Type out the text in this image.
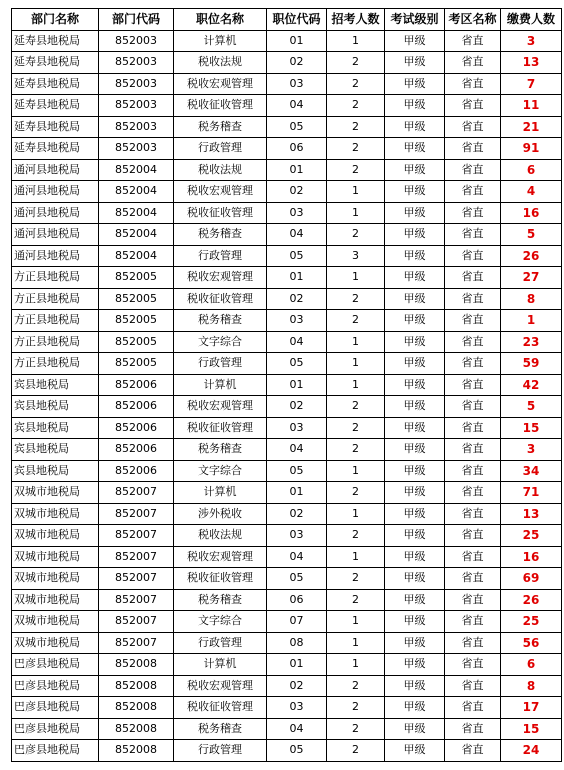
部门名称	部门代码	职位名称	职位代码	招考人数	考试级别	考区名称	缴费人数
延寿县地税局	852003	计算机	01	1	甲级	省直	3
延寿县地税局	852003	税收法规	02	2	甲级	省直	13
延寿县地税局	852003	税收宏观管理	03	2	甲级	省直	7
延寿县地税局	852003	税收征收管理	04	2	甲级	省直	11
延寿县地税局	852003	税务稽查	05	2	甲级	省直	21
延寿县地税局	852003	行政管理	06	2	甲级	省直	91
通河县地税局	852004	税收法规	01	2	甲级	省直	6
通河县地税局	852004	税收宏观管理	02	1	甲级	省直	4
通河县地税局	852004	税收征收管理	03	1	甲级	省直	16
通河县地税局	852004	税务稽查	04	2	甲级	省直	5
通河县地税局	852004	行政管理	05	3	甲级	省直	26
方正县地税局	852005	税收宏观管理	01	1	甲级	省直	27
方正县地税局	852005	税收征收管理	02	2	甲级	省直	8
方正县地税局	852005	税务稽查	03	2	甲级	省直	1
方正县地税局	852005	文字综合	04	1	甲级	省直	23
方正县地税局	852005	行政管理	05	1	甲级	省直	59
宾县地税局	852006	计算机	01	1	甲级	省直	42
宾县地税局	852006	税收宏观管理	02	2	甲级	省直	5
宾县地税局	852006	税收征收管理	03	2	甲级	省直	15
宾县地税局	852006	税务稽查	04	2	甲级	省直	3
宾县地税局	852006	文字综合	05	1	甲级	省直	34
双城市地税局	852007	计算机	01	2	甲级	省直	71
双城市地税局	852007	涉外税收	02	1	甲级	省直	13
双城市地税局	852007	税收法规	03	2	甲级	省直	25
双城市地税局	852007	税收宏观管理	04	1	甲级	省直	16
双城市地税局	852007	税收征收管理	05	2	甲级	省直	69
双城市地税局	852007	税务稽查	06	2	甲级	省直	26
双城市地税局	852007	文字综合	07	1	甲级	省直	25
双城市地税局	852007	行政管理	08	1	甲级	省直	56
巴彦县地税局	852008	计算机	01	1	甲级	省直	6
巴彦县地税局	852008	税收宏观管理	02	2	甲级	省直	8
巴彦县地税局	852008	税收征收管理	03	2	甲级	省直	17
巴彦县地税局	852008	税务稽查	04	2	甲级	省直	15
巴彦县地税局	852008	行政管理	05	2	甲级	省直	24
